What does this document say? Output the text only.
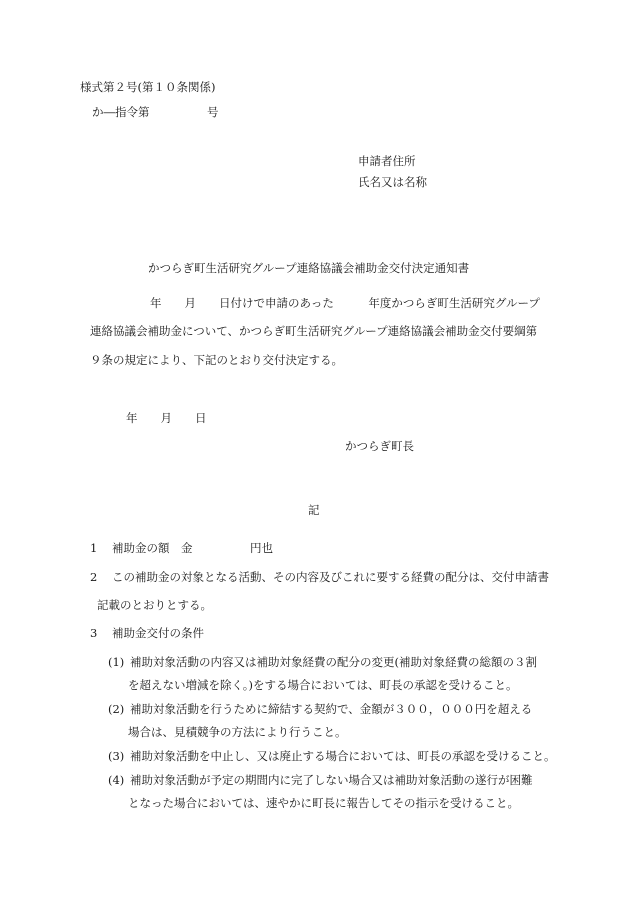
様式第２号(第１０条関係)
か―指令第　　　　　号
申請者住所
氏名又は名称
かつらぎ町生活研究グループ連絡協議会補助金交付決定通知書
年　　月　　日付けで申請のあった　　　年度かつらぎ町生活研究グループ
連絡協議会補助金について、かつらぎ町生活研究グループ連絡協議会補助金交付要綱第
９条の規定により、下記のとおり交付決定する。
年　　月　　日
かつらぎ町長
記
1 補助金の額　金　　　　　円也
2 この補助金の対象となる活動、その内容及びこれに要する経費の配分は、交付申請書
記載のとおりとする。
3 補助金交付の条件
(1) 補助対象活動の内容又は補助対象経費の配分の変更(補助対象経費の総額の３割
を超えない増減を除く。)をする場合においては、町長の承認を受けること。
(2) 補助対象活動を行うために締結する契約で、金額が３００，０００円を超える
場合は、見積競争の方法により行うこと。
(3) 補助対象活動を中止し、又は廃止する場合においては、町長の承認を受けること。
(4) 補助対象活動が予定の期間内に完了しない場合又は補助対象活動の遂行が困難
となった場合においては、速やかに町長に報告してその指示を受けること。
